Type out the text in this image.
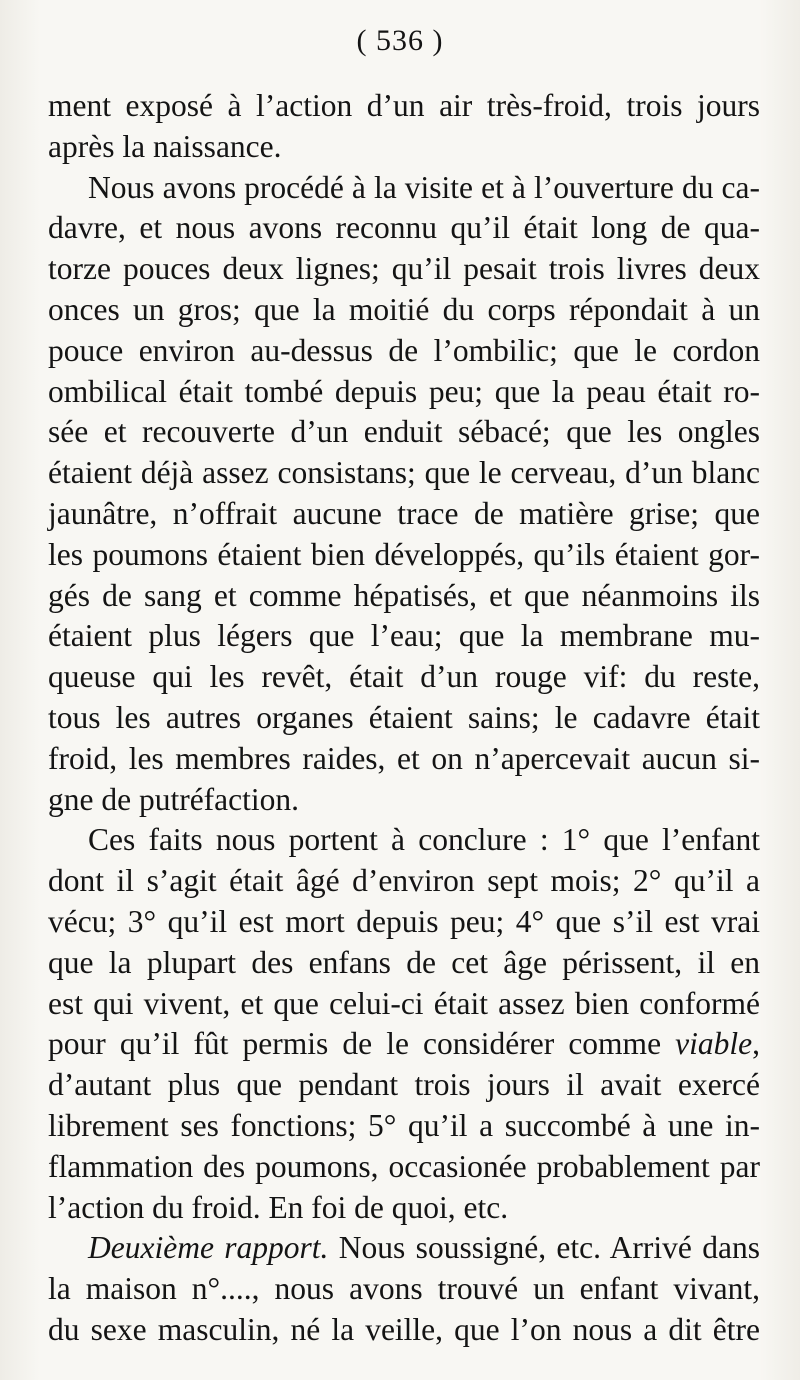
( 536 )
ment exposé à l’action d’un air très-froid, trois jours
après la naissance.
Nous avons procédé à la visite et à l’ouverture du ca-
davre, et nous avons reconnu qu’il était long de qua-
torze pouces deux lignes; qu’il pesait trois livres deux
onces un gros; que la moitié du corps répondait à un
pouce environ au-dessus de l’ombilic; que le cordon
ombilical était tombé depuis peu; que la peau était ro-
sée et recouverte d’un enduit sébacé; que les ongles
étaient déjà assez consistans; que le cerveau, d’un blanc
jaunâtre, n’offrait aucune trace de matière grise; que
les poumons étaient bien développés, qu’ils étaient gor-
gés de sang et comme hépatisés, et que néanmoins ils
étaient plus légers que l’eau; que la membrane mu-
queuse qui les revêt, était d’un rouge vif: du reste,
tous les autres organes étaient sains; le cadavre était
froid, les membres raides, et on n’apercevait aucun si-
gne de putréfaction.
Ces faits nous portent à conclure : 1° que l’enfant
dont il s’agit était âgé d’environ sept mois; 2° qu’il a
vécu; 3° qu’il est mort depuis peu; 4° que s’il est vrai
que la plupart des enfans de cet âge périssent, il en
est qui vivent, et que celui-ci était assez bien conformé
pour qu’il fût permis de le considérer comme viable,
d’autant plus que pendant trois jours il avait exercé
librement ses fonctions; 5° qu’il a succombé à une in-
flammation des poumons, occasionée probablement par
l’action du froid. En foi de quoi, etc.
Deuxième rapport. Nous soussigné, etc. Arrivé dans
la maison n°...., nous avons trouvé un enfant vivant,
du sexe masculin, né la veille, que l’on nous a dit être
